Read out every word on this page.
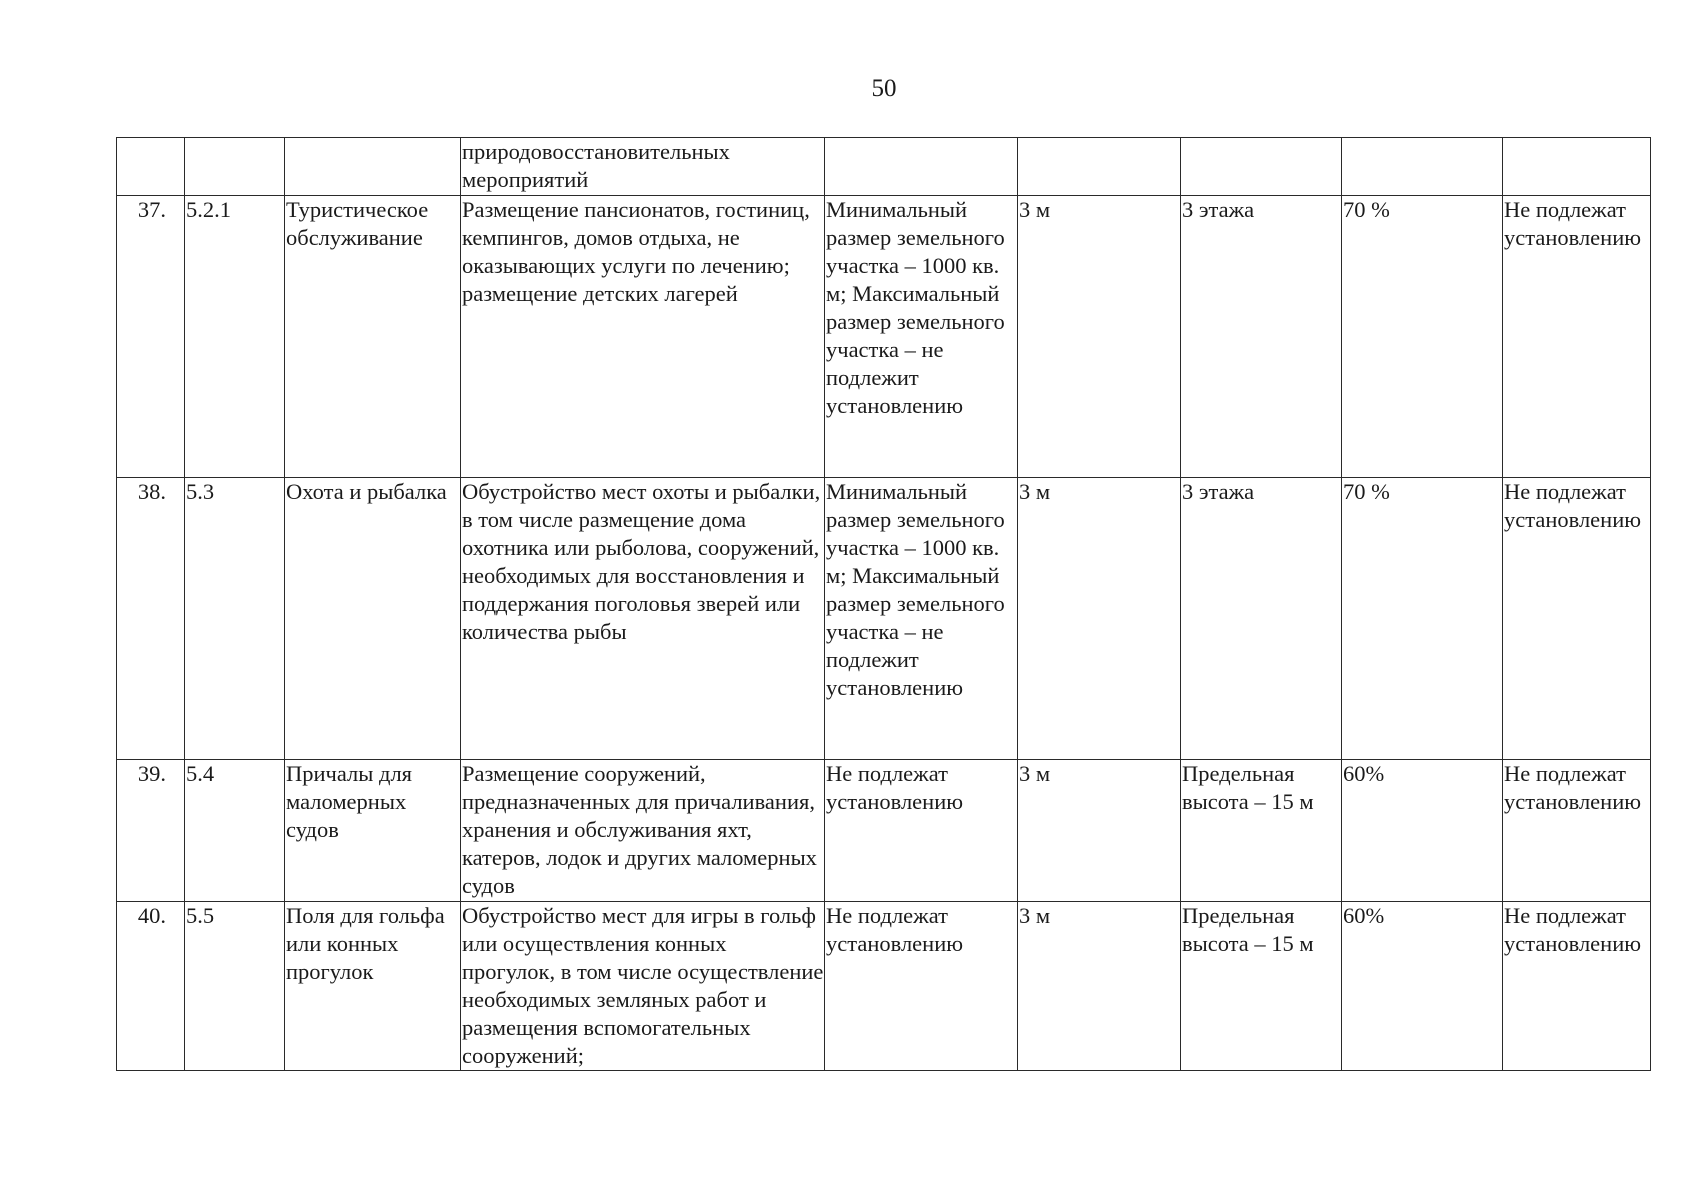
50
			природовосстановительных мероприятий					
37.	5.2.1	Туристическое обслуживание	Размещение пансионатов, гостиниц, кемпингов, домов отдыха, не оказывающих услуги по лечению; размещение детских лагерей	Минимальный размер земельного участка – 1000 кв. м; Максимальный размер земельного участка – не подлежит установлению	3 м	3 этажа	70 %	Не подлежат установлению
38.	5.3	Охота и рыбалка	Обустройство мест охоты и рыбалки, в том числе размещение дома охотника или рыболова, сооружений, необходимых для восстановления и поддержания поголовья зверей или количества рыбы	Минимальный размер земельного участка – 1000 кв. м; Максимальный размер земельного участка – не подлежит установлению	3 м	3 этажа	70 %	Не подлежат установлению
39.	5.4	Причалы для маломерных судов	Размещение сооружений, предназначенных для причаливания, хранения и обслуживания яхт, катеров, лодок и других маломерных судов	Не подлежат установлению	3 м	Предельная высота – 15 м	60%	Не подлежат установлению
40.	5.5	Поля для гольфа или конных прогулок	Обустройство мест для игры в гольф или осуществления конных прогулок, в том числе осуществление необходимых земляных работ и размещения вспомогательных сооружений;	Не подлежат установлению	3 м	Предельная высота – 15 м	60%	Не подлежат установлению
